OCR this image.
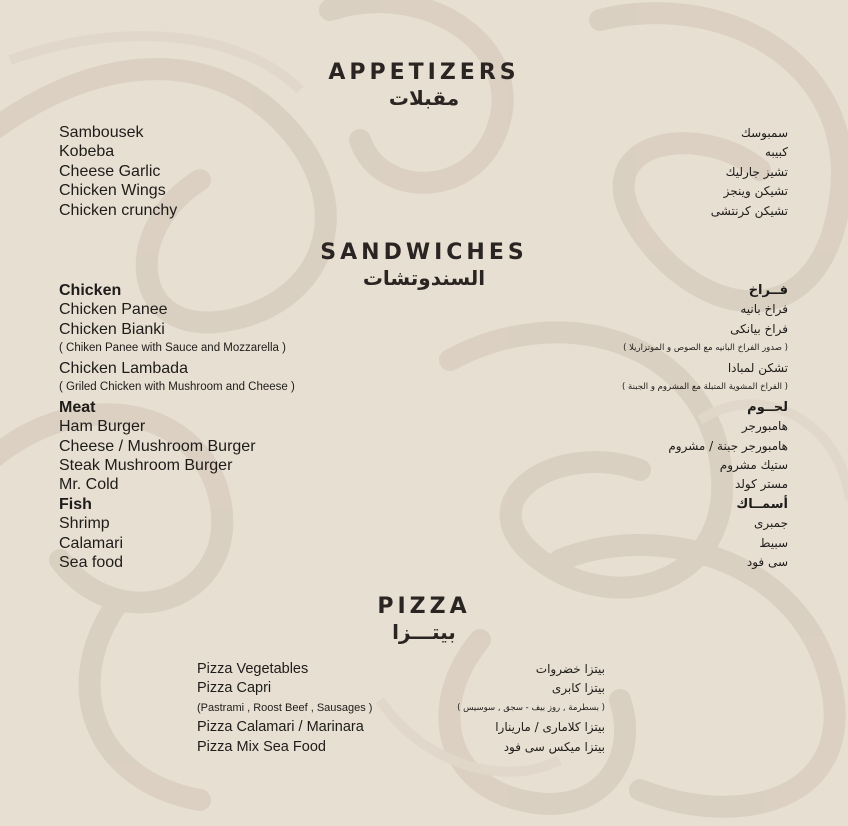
APPETIZERS
مقبلات
Sambousek
Kobeba
Cheese Garlic
Chicken Wings
Chicken crunchy
سمبوسك
كبيبه
تشيز جارليك
تشيكن وينجز
تشيكن كرنتشى
SANDWICHES
السندوتشات
Chicken
Chicken Panee
Chicken Bianki
( Chiken Panee with Sauce and Mozzarella )
Chicken Lambada
( Griled Chicken with Mushroom and Cheese )
Meat
Ham Burger
Cheese / Mushroom Burger
Steak Mushroom Burger
Mr. Cold
Fish
Shrimp
Calamari
Sea food
فــراخ
فراخ بانيه
فراخ بيانكى
( صدور الفراخ البانيه مع الصوص و الموتزاريلا )
تشكن لمبادا
( الفراخ المشوية المتبلة مع المشروم و الجبنة )
لحــوم
هامبورجر
هامبورجر جبنة / مشروم
ستيك مشروم
مستر كولد
أسمــاك
جمبرى
سبيط
سى فود
PIZZA
بيتـــزا
Pizza Vegetables
Pizza Capri
(Pastrami , Roost Beef , Sausages )
Pizza Calamari / Marinara
Pizza Mix Sea Food
بيتزا خضروات
بيتزا كابرى
( بسطرمة , روز بيف - سجق , سوسيس )
بيتزا كلامارى / مارينارا
بيتزا ميكس سى فود
